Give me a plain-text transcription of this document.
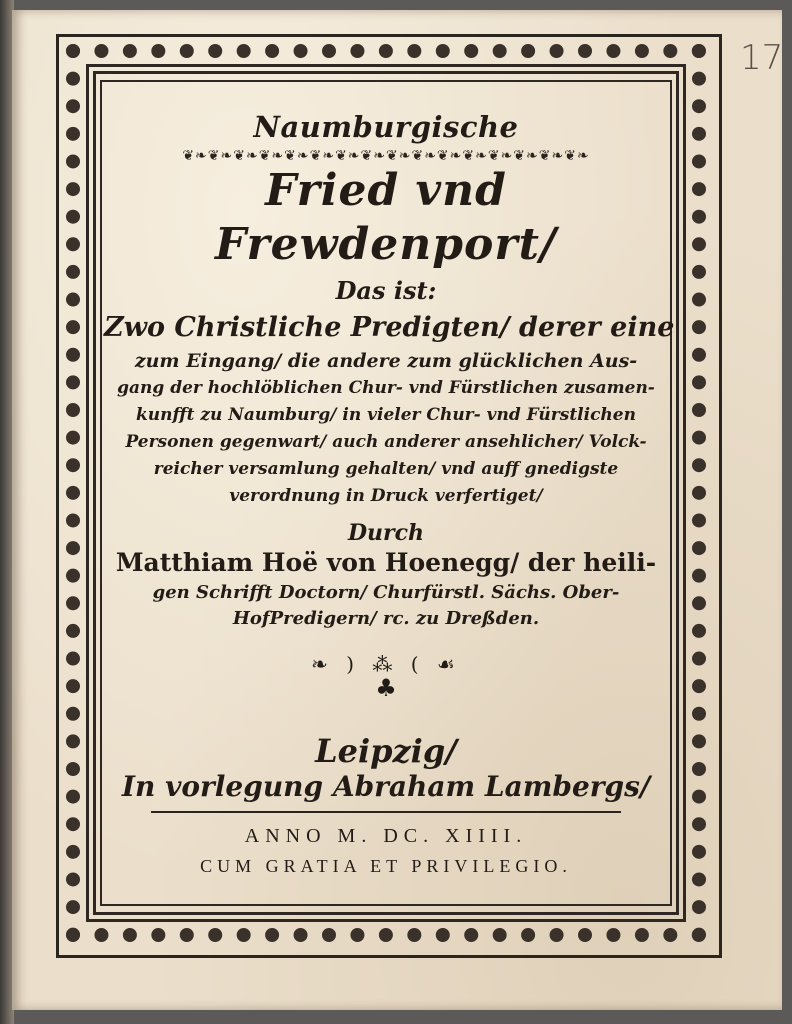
17
Naumburgische
❦❧❦❧❦❧❦❧❦❧❦❧❦❧❦❧❦❧❦❧❦❧❦❧❦❧❦❧❦❧❦❧
Fried vnd Frewdenport/
Das ist:
Zwo Christliche Predigten/ derer eine
zum Eingang/ die andere zum glücklichen Aus-
gang der hochlöblichen Chur- vnd Fürstlichen zusamen-
kunfft zu Naumburg/ in vieler Chur- vnd Fürstlichen
Personen gegenwart/ auch anderer ansehlicher/ Volck-
reicher versamlung gehalten/ vnd auff gnedigste
verordnung in Druck verfertiget/
Durch
Matthiam Hoë von Hoenegg/ der heili-
gen Schrifft Doctorn/ Churfürstl. Sächs. Ober-
HofPredigern/ rc. zu Dreßden.
❧ ) ⁂ ( ☙
♣
Leipzig/
In vorlegung Abraham Lambergs/
ANNO M. DC. XIIII.
CUM GRATIA ET PRIVILEGIO.
